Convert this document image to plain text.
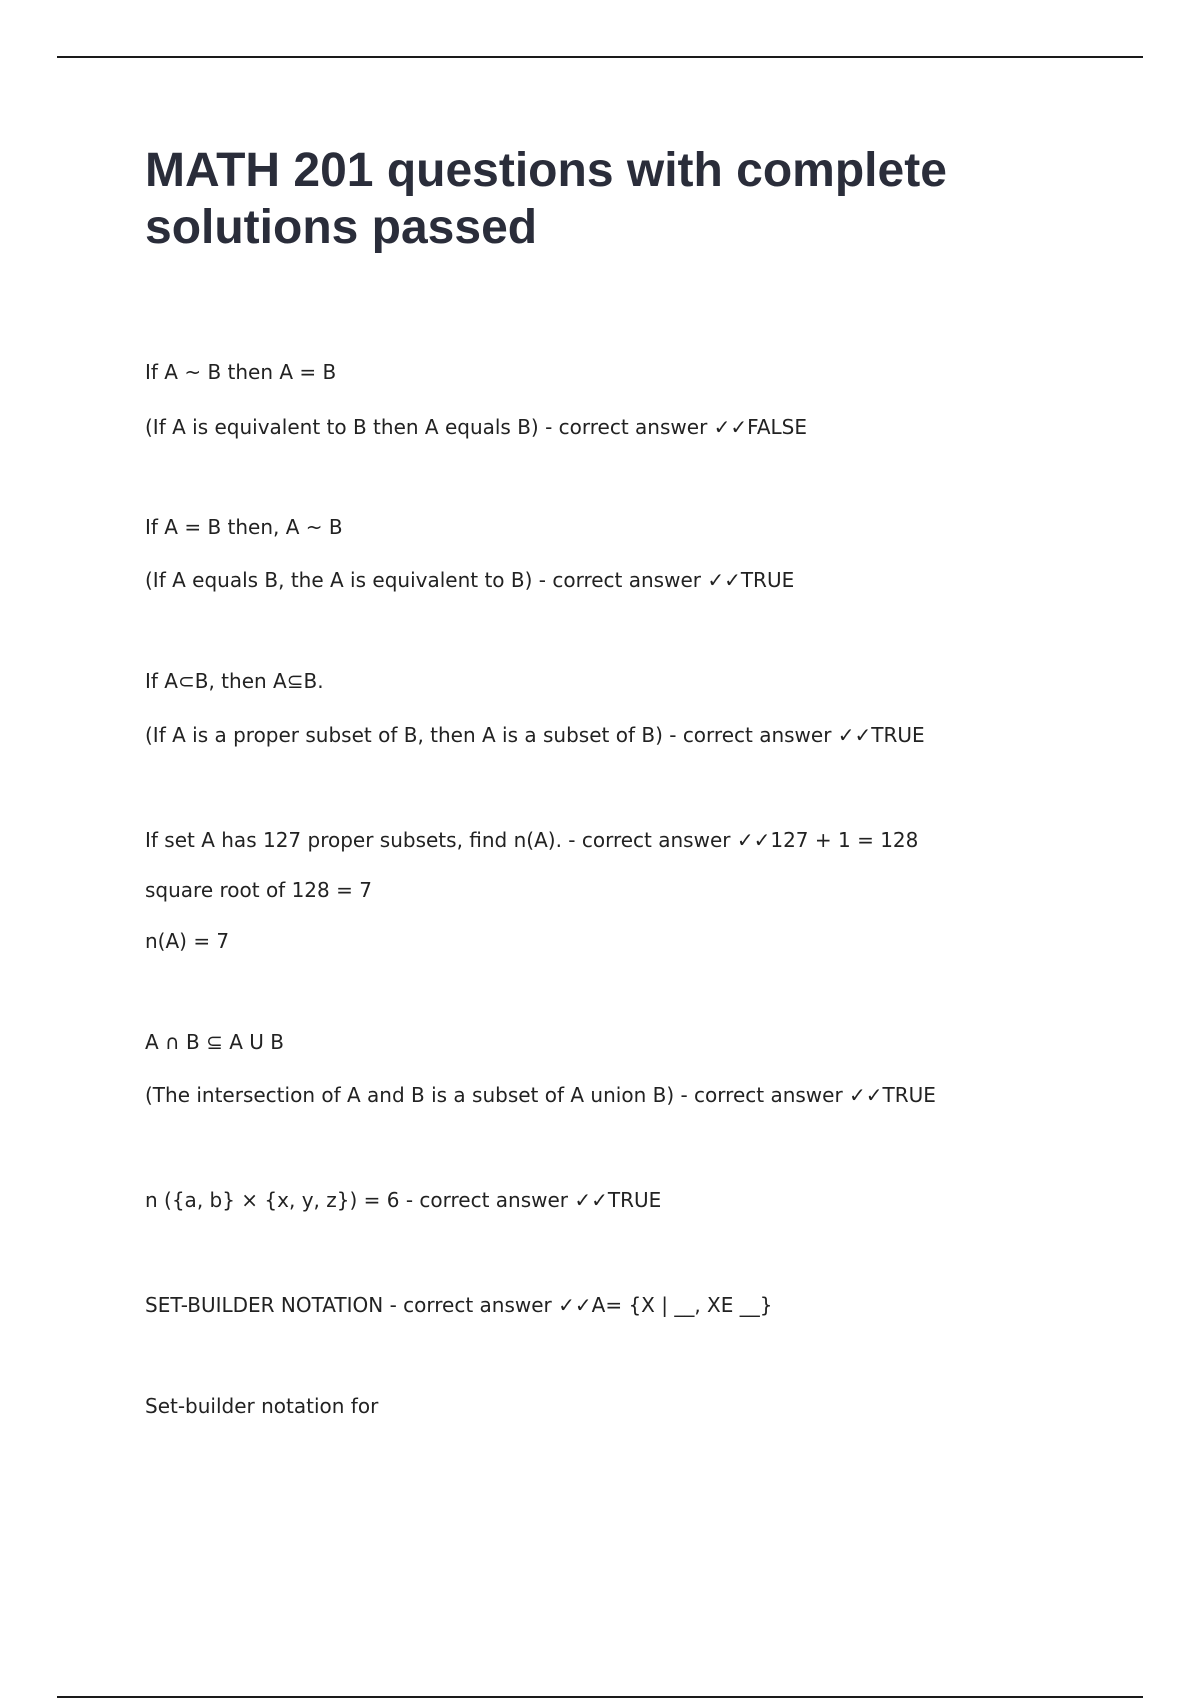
MATH 201 questions with complete solutions passed

If A ~ B then A = B

(If A is equivalent to B then A equals B) - correct answer ✓✓FALSE

If A = B then, A ~ B

(If A equals B, the A is equivalent to B) - correct answer ✓✓TRUE

If A⊂B, then A⊆B.

(If A is a proper subset of B, then A is a subset of B) - correct answer ✓✓TRUE

If set A has 127 proper subsets, find n(A). - correct answer ✓✓127 + 1 = 128

square root of 128 = 7

n(A) = 7

A ∩ B ⊆ A U B

(The intersection of A and B is a subset of A union B) - correct answer ✓✓TRUE

n ({a, b} × {x, y, z}) = 6 - correct answer ✓✓TRUE

SET-BUILDER NOTATION - correct answer ✓✓A= {X | __, XE __}

Set-builder notation for
